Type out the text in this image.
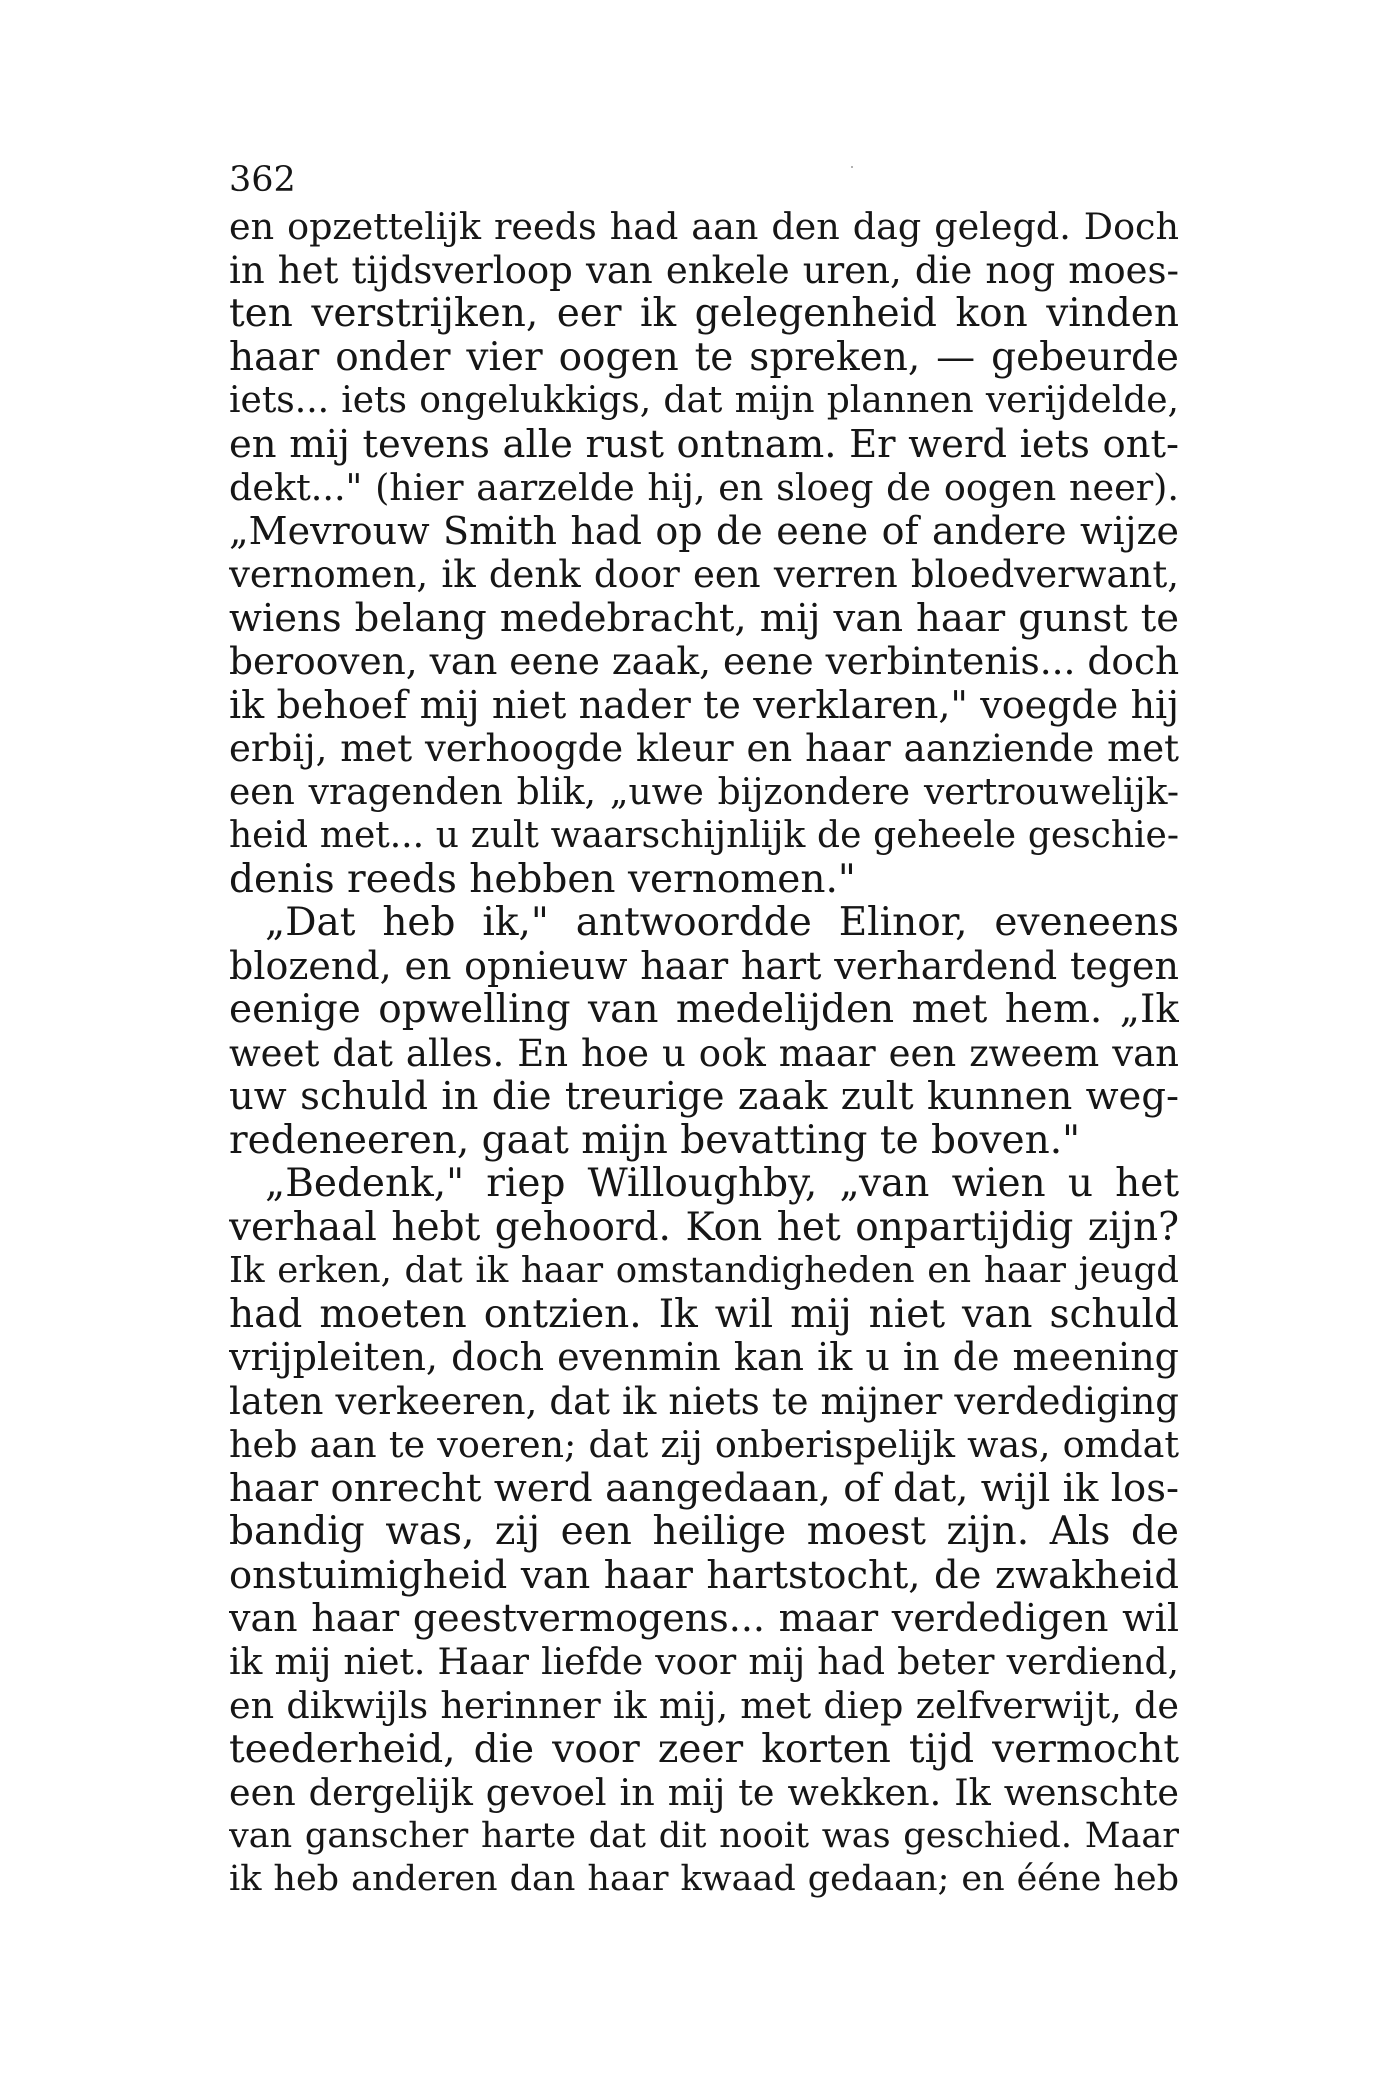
362
en opzettelijk reeds had aan den dag gelegd. Doch
in het tijdsverloop van enkele uren, die nog moes-
ten verstrijken, eer ik gelegenheid kon vinden
haar onder vier oogen te spreken, — gebeurde
iets... iets ongelukkigs, dat mijn plannen verijdelde,
en mij tevens alle rust ontnam. Er werd iets ont-
dekt..." (hier aarzelde hij, en sloeg de oogen neer).
„Mevrouw Smith had op de eene of andere wijze
vernomen, ik denk door een verren bloedverwant,
wiens belang medebracht, mij van haar gunst te
berooven, van eene zaak, eene verbintenis... doch
ik behoef mij niet nader te verklaren," voegde hij
erbij, met verhoogde kleur en haar aanziende met
een vragenden blik, „uwe bijzondere vertrouwelijk-
heid met... u zult waarschijnlijk de geheele geschie-
denis reeds hebben vernomen."
„Dat heb ik," antwoordde Elinor, eveneens
blozend, en opnieuw haar hart verhardend tegen
eenige opwelling van medelijden met hem. „Ik
weet dat alles. En hoe u ook maar een zweem van
uw schuld in die treurige zaak zult kunnen weg-
redeneeren, gaat mijn bevatting te boven."
„Bedenk," riep Willoughby, „van wien u het
verhaal hebt gehoord. Kon het onpartijdig zijn?
Ik erken, dat ik haar omstandigheden en haar jeugd
had moeten ontzien. Ik wil mij niet van schuld
vrijpleiten, doch evenmin kan ik u in de meening
laten verkeeren, dat ik niets te mijner verdediging
heb aan te voeren; dat zij onberispelijk was, omdat
haar onrecht werd aangedaan, of dat, wijl ik los-
bandig was, zij een heilige moest zijn. Als de
onstuimigheid van haar hartstocht, de zwakheid
van haar geestvermogens... maar verdedigen wil
ik mij niet. Haar liefde voor mij had beter verdiend,
en dikwijls herinner ik mij, met diep zelfverwijt, de
teederheid, die voor zeer korten tijd vermocht
een dergelijk gevoel in mij te wekken. Ik wenschte
van ganscher harte dat dit nooit was geschied. Maar
ik heb anderen dan haar kwaad gedaan; en ééne heb
